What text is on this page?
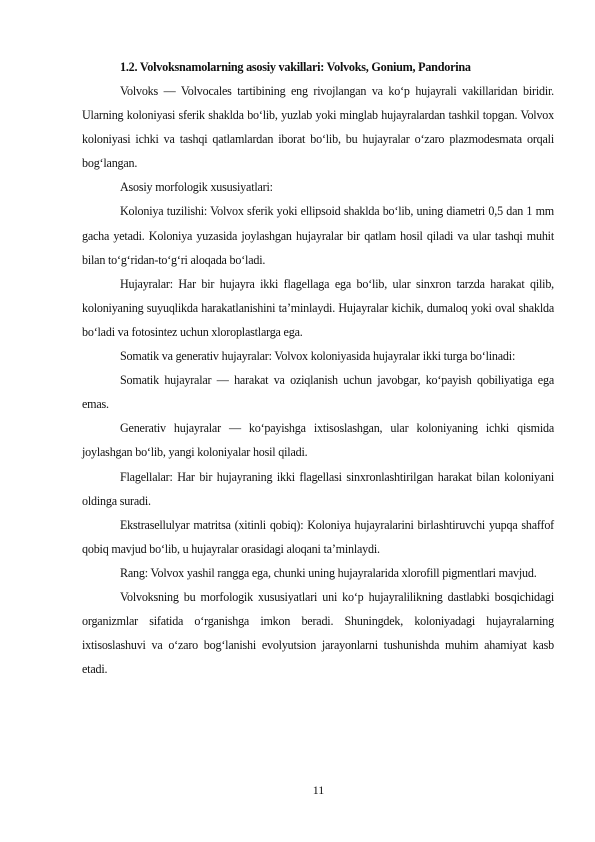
1.2. Volvoksnamolarning asosiy vakillari: Volvoks, Gonium, Pandorina

Volvoks — Volvocales tartibining eng rivojlangan va ko‘p hujayrali vakillaridan biridir. Ularning koloniyasi sferik shaklda bo‘lib, yuzlab yoki minglab hujayralardan tashkil topgan. Volvox koloniyasi ichki va tashqi qatlamlardan iborat bo‘lib, bu hujayralar o‘zaro plazmodesmata orqali bog‘langan.

Asosiy morfologik xususiyatlari:

Koloniya tuzilishi: Volvox sferik yoki ellipsoid shaklda bo‘lib, uning diametri 0,5 dan 1 mm gacha yetadi. Koloniya yuzasida joylashgan hujayralar bir qatlam hosil qiladi va ular tashqi muhit bilan to‘g‘ridan-to‘g‘ri aloqada bo‘ladi.

Hujayralar: Har bir hujayra ikki flagellaga ega bo‘lib, ular sinxron tarzda harakat qilib, koloniyaning suyuqlikda harakatlanishini ta’minlaydi. Hujayralar kichik, dumaloq yoki oval shaklda bo‘ladi va fotosintez uchun xloroplastlarga ega.

Somatik va generativ hujayralar: Volvox koloniyasida hujayralar ikki turga bo‘linadi:

Somatik hujayralar — harakat va oziqlanish uchun javobgar, ko‘payish qobiliyatiga ega emas.

Generativ hujayralar — ko‘payishga ixtisoslashgan, ular koloniyaning ichki qismida joylashgan bo‘lib, yangi koloniyalar hosil qiladi.

Flagellalar: Har bir hujayraning ikki flagellasi sinxronlashtirilgan harakat bilan koloniyani oldinga suradi.

Ekstrasellulyar matritsa (xitinli qobiq): Koloniya hujayralarini birlashtiruvchi yupqa shaffof qobiq mavjud bo‘lib, u hujayralar orasidagi aloqani ta’minlaydi.

Rang: Volvox yashil rangga ega, chunki uning hujayralarida xlorofill pigmentlari mavjud.

Volvoksning bu morfologik xususiyatlari uni ko‘p hujayralilikning dastlabki bosqichidagi organizmlar sifatida o‘rganishga imkon beradi. Shuningdek, koloniyadagi hujayralarning ixtisoslashuvi va o‘zaro bog‘lanishi evolyutsion jarayonlarni tushunishda muhim ahamiyat kasb etadi.

11
